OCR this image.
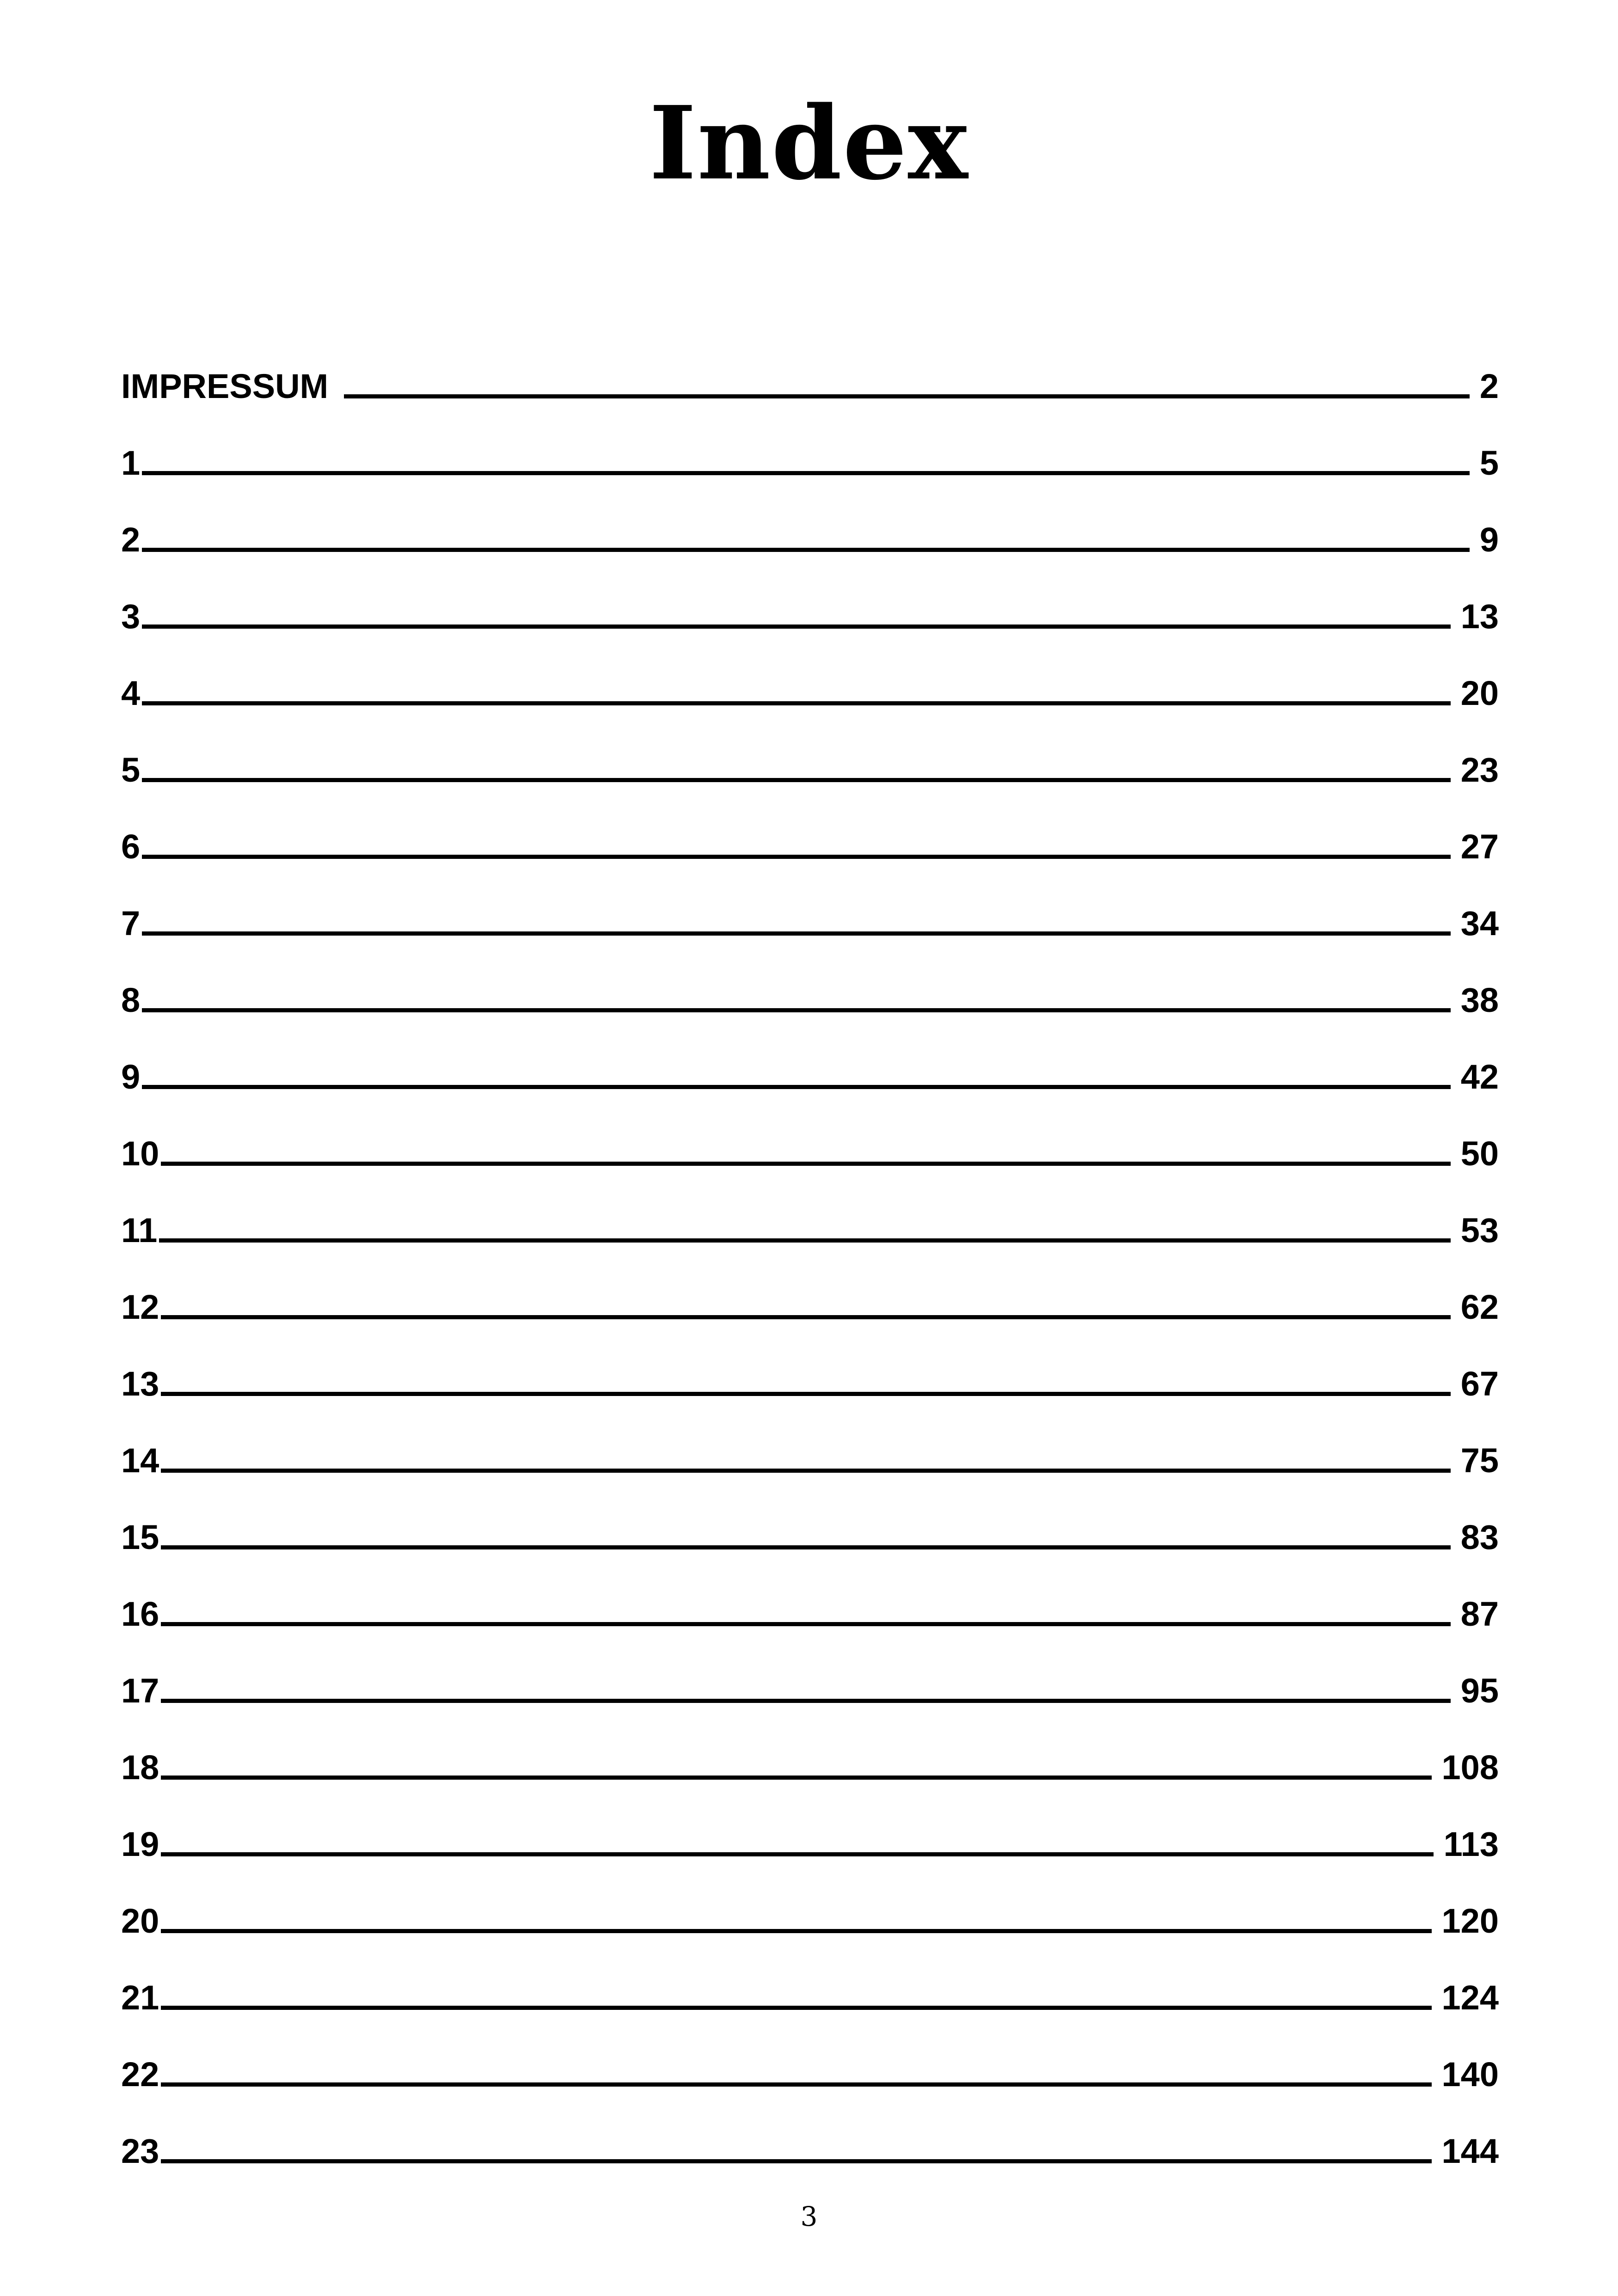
Index
IMPRESSUM	2
1	5
2	9
3	13
4	20
5	23
6	27
7	34
8	38
9	42
10	50
11	53
12	62
13	67
14	75
15	83
16	87
17	95
18	108
19	113
20	120
21	124
22	140
23	144
3
